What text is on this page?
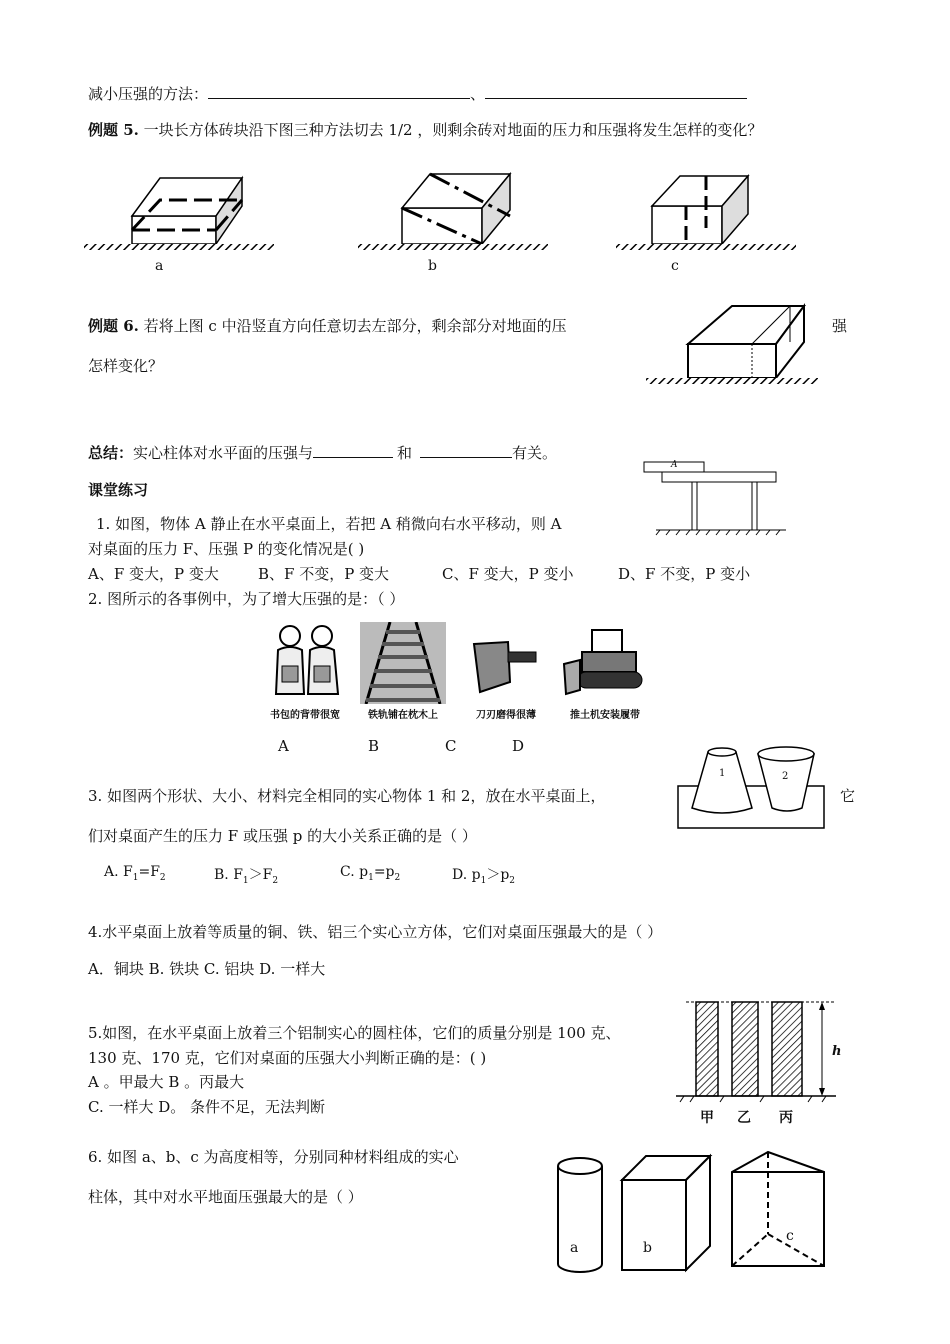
减小压强的方法：	、
例题 5. 一块长方体砖块沿下图三种方法切去 1/2 ，则剩余砖对地面的压力和压强将发生怎样的变化？
a	b	c
例题 6. 若将上图 c 中沿竖直方向任意切去左部分，剩余部分对地面的压	强
怎样变化？
总结：实心柱体对水平面的压强与	和	有关。
课堂练习
1. 如图，物体 A 静止在水平桌面上，若把 A 稍微向右水平移动，则 A
对桌面的压力 F、压强 P 的变化情况是( )
A、F 变大，P 变大	B、F 不变，P 变大	C、F 变大，P 变小	D、F 不变，P 变小
A
2. 图所示的各事例中，为了增大压强的是：（ ）
书包的背带很宽	铁轨铺在枕木上	刀刃磨得很薄	推土机安装履带
A	B	C	D
3. 如图两个形状、大小、材料完全相同的实心物体 1 和 2，放在水平桌面上，	它
们对桌面产生的压力 F 或压强 p 的大小关系正确的是（ ）
A. $F_1=F_2$	B. $F_1>F_2$
C. $p_1=p_2$	D. $p_1>p_2$
1	2
4.水平桌面上放着等质量的铜、铁、铝三个实心立方体，它们对桌面压强最大的是（ ）
A．铜块 B. 铁块 C. 铝块 D. 一样大
5.如图，在水平桌面上放着三个铝制实心的圆柱体，它们的质量分别是 100 克、
130 克、170 克，它们对桌面的压强大小判断正确的是：( )
A 。甲最大 B 。丙最大
C. 一样大 D。 条件不足，无法判断
h
甲 乙 丙
6. 如图 a、b、c 为高度相等，分别同种材料组成的实心
柱体，其中对水平地面压强最大的是（ ）
a	b
c
